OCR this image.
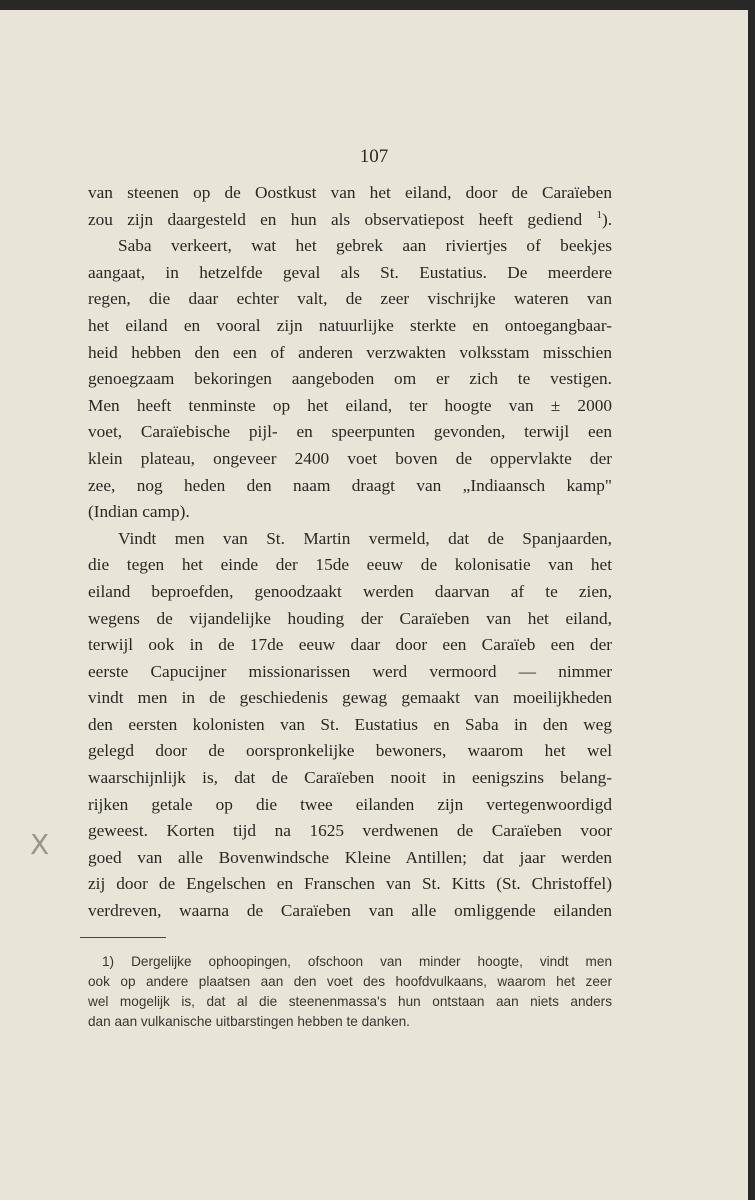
107
van steenen op de Oostkust van het eiland, door de Caraïeben
zou zijn daargesteld en hun als observatiepost heeft gediend $^1$).
Saba verkeert, wat het gebrek aan riviertjes of beekjes
aangaat, in hetzelfde geval als St. Eustatius. De meerdere
regen, die daar echter valt, de zeer vischrijke wateren van
het eiland en vooral zijn natuurlijke sterkte en ontoegangbaar-
heid hebben den een of anderen verzwakten volksstam misschien
genoegzaam bekoringen aangeboden om er zich te vestigen.
Men heeft tenminste op het eiland, ter hoogte van ± 2000
voet, Caraïebische pijl- en speerpunten gevonden, terwijl een
klein plateau, ongeveer 2400 voet boven de oppervlakte der
zee, nog heden den naam draagt van „Indiaansch kamp"
(Indian camp).
Vindt men van St. Martin vermeld, dat de Spanjaarden,
die tegen het einde der 15de eeuw de kolonisatie van het
eiland beproefden, genoodzaakt werden daarvan af te zien,
wegens de vijandelijke houding der Caraïeben van het eiland,
terwijl ook in de 17de eeuw daar door een Caraïeb een der
eerste Capucijner missionarissen werd vermoord — nimmer
vindt men in de geschiedenis gewag gemaakt van moeilijkheden
den eersten kolonisten van St. Eustatius en Saba in den weg
gelegd door de oorspronkelijke bewoners, waarom het wel
waarschijnlijk is, dat de Caraïeben nooit in eenigszins belang-
rijken getale op die twee eilanden zijn vertegenwoordigd
geweest. Korten tijd na 1625 verdwenen de Caraïeben voor
goed van alle Bovenwindsche Kleine Antillen; dat jaar werden
zij door de Engelschen en Franschen van St. Kitts (St. Christoffel)
verdreven, waarna de Caraïeben van alle omliggende eilanden
1) Dergelijke ophoopingen, ofschoon van minder hoogte, vindt men
ook op andere plaatsen aan den voet des hoofdvulkaans, waarom het zeer
wel mogelijk is, dat al die steenenmassa's hun ontstaan aan niets anders
dan aan vulkanische uitbarstingen hebben te danken.
X
